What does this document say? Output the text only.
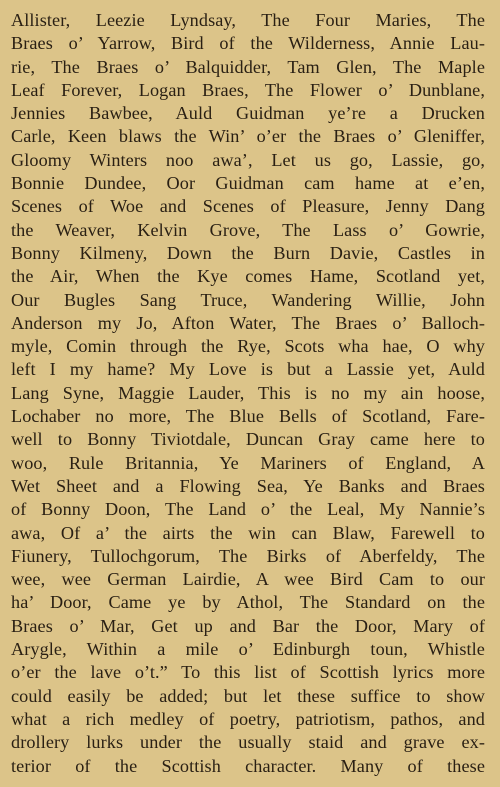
Allister, Leezie Lyndsay, The Four Maries, The
Braes o’ Yarrow, Bird of the Wilderness, Annie Lau-
rie, The Braes o’ Balquidder, Tam Glen, The Maple
Leaf Forever, Logan Braes, The Flower o’ Dunblane,
Jennies Bawbee, Auld Guidman ye’re a Drucken
Carle, Keen blaws the Win’ o’er the Braes o’ Gleniffer,
Gloomy Winters noo awa’, Let us go, Lassie, go,
Bonnie Dundee, Oor Guidman cam hame at e’en,
Scenes of Woe and Scenes of Pleasure, Jenny Dang
the Weaver, Kelvin Grove, The Lass o’ Gowrie,
Bonny Kilmeny, Down the Burn Davie, Castles in
the Air, When the Kye comes Hame, Scotland yet,
Our Bugles Sang Truce, Wandering Willie, John
Anderson my Jo, Afton Water, The Braes o’ Balloch-
myle, Comin through the Rye, Scots wha hae, O why
left I my hame? My Love is but a Lassie yet, Auld
Lang Syne, Maggie Lauder, This is no my ain hoose,
Lochaber no more, The Blue Bells of Scotland, Fare-
well to Bonny Tiviotdale, Duncan Gray came here to
woo, Rule Britannia, Ye Mariners of England, A
Wet Sheet and a Flowing Sea, Ye Banks and Braes
of Bonny Doon, The Land o’ the Leal, My Nannie’s
awa, Of a’ the airts the win can Blaw, Farewell to
Fiunery, Tullochgorum, The Birks of Aberfeldy, The
wee, wee German Lairdie, A wee Bird Cam to our
ha’ Door, Came ye by Athol, The Standard on the
Braes o’ Mar, Get up and Bar the Door, Mary of
Arygle, Within a mile o’ Edinburgh toun, Whistle
o’er the lave o’t.” To this list of Scottish lyrics more
could easily be added; but let these suffice to show
what a rich medley of poetry, patriotism, pathos, and
drollery lurks under the usually staid and grave ex-
terior of the Scottish character. Many of these
